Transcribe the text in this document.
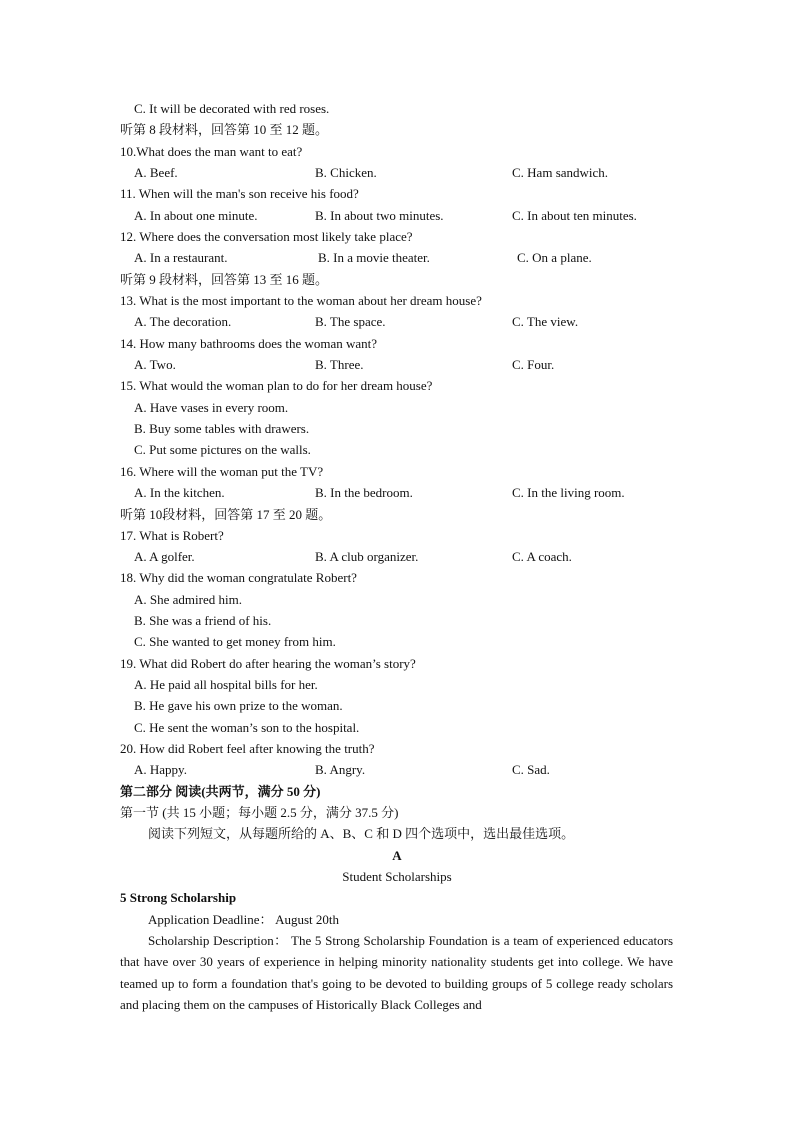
C. It will be decorated with red roses.
听第 8 段材料，回答第 10 至 12 题。
10.What does the man want to eat?
A. Beef.	B. Chicken.	C. Ham sandwich.
11. When will the man's son receive his food?
A. In about one minute.	B. In about two minutes.	C. In about ten minutes.
12. Where does the conversation most likely take place?
A. In a restaurant.	B. In a movie theater.	C. On a plane.
听第 9 段材料，回答第 13 至 16 题。
13. What is the most important to the woman about her dream house?
A. The decoration.	B. The space.	C. The view.
14. How many bathrooms does the woman want?
A. Two.	B. Three.	C. Four.
15. What would the woman plan to do for her dream house?
A. Have vases in every room.
B. Buy some tables with drawers.
C. Put some pictures on the walls.
16. Where will the woman put the TV?
A. In the kitchen.	B. In the bedroom.	C. In the living room.
听第 10段材料，回答第 17 至 20 题。
17. What is Robert?
A. A golfer.	B. A club organizer.	C. A coach.
18. Why did the woman congratulate Robert?
A. She admired him.
B. She was a friend of his.
C. She wanted to get money from him.
19. What did Robert do after hearing the woman’s story?
A. He paid all hospital bills for her.
B. He gave his own prize to the woman.
C. He sent the woman’s son to the hospital.
20. How did Robert feel after knowing the truth?
A. Happy.	B. Angry.	C. Sad.
第二部分 阅读(共两节，满分 50 分)
第一节 (共 15 小题；每小题 2.5 分，满分 37.5 分)
阅读下列短文，从每题所给的 A、B、C 和 D 四个选项中，选出最佳选项。
A
Student Scholarships
5 Strong Scholarship
Application Deadline： August 20th
Scholarship Description： The 5 Strong Scholarship Foundation is a team of experienced educators that have over 30 years of experience in helping minority nationality students get into college. We have teamed up to form a foundation that's going to be devoted to building groups of 5 college ready scholars and placing them on the campuses of Historically Black Colleges and
